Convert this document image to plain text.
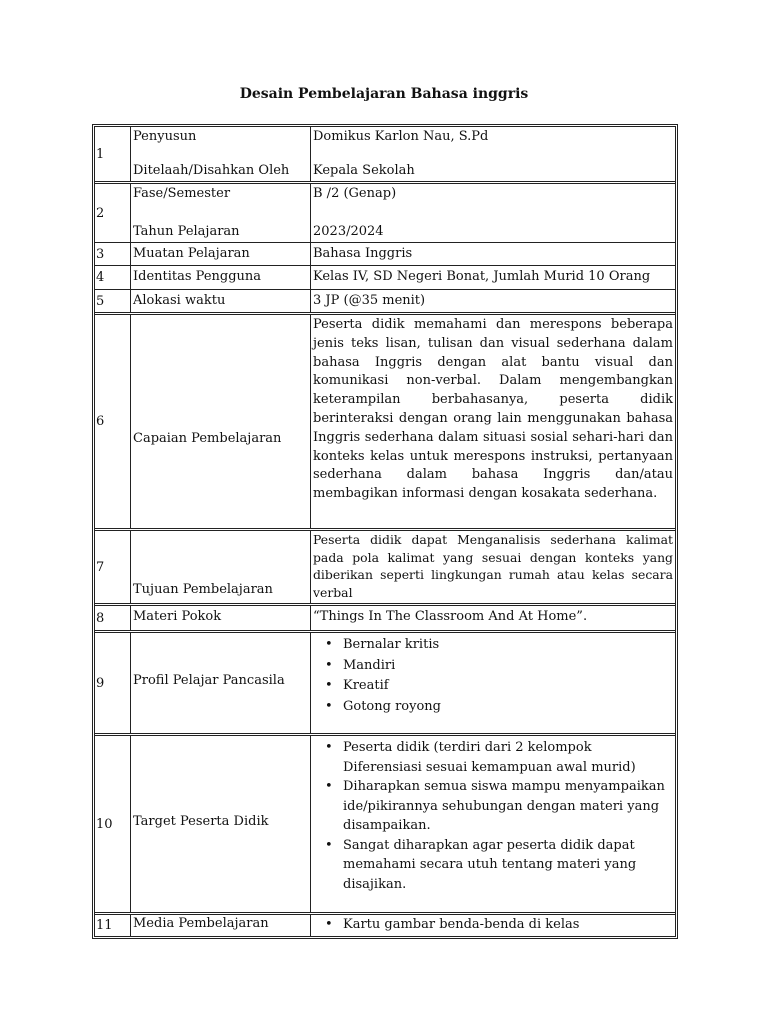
Desain Pembelajaran Bahasa inggris
1
Penyusun
Ditelaah/Disahkan Oleh
Domikus Karlon Nau, S.Pd
Kepala Sekolah
2
Fase/Semester
Tahun Pelajaran
B /2 (Genap)
2023/2024
3	Muatan Pelajaran	Bahasa Inggris
4	Identitas Pengguna	Kelas IV, SD Negeri Bonat, Jumlah Murid 10 Orang
5	Alokasi waktu	3 JP (@35 menit)
6
Capaian Pembelajaran
Peserta didik memahami dan merespons beberapa jenis teks lisan, tulisan dan visual sederhana dalam bahasa Inggris dengan alat bantu visual dan komunikasi non-verbal. Dalam mengembangkan keterampilan berbahasanya, peserta didik berinteraksi dengan orang lain menggunakan bahasa Inggris sederhana dalam situasi sosial sehari-hari dan konteks kelas untuk merespons instruksi, pertanyaan sederhana dalam bahasa Inggris dan/atau membagikan informasi dengan kosakata sederhana.
7
Tujuan Pembelajaran
Peserta didik dapat Menganalisis sederhana kalimat pada pola kalimat yang sesuai dengan konteks yang diberikan seperti lingkungan rumah atau kelas secara verbal
8	Materi Pokok	“Things In The Classroom And At Home”.
9	Profil Pelajar Pancasila
• Bernalar kritis
• Mandiri
• Kreatif
• Gotong royong
10	Target Peserta Didik
• Peserta didik (terdiri dari 2 kelompok Diferensiasi sesuai kemampuan awal murid)
• Diharapkan semua siswa mampu menyampaikan ide/pikirannya sehubungan dengan materi yang disampaikan.
• Sangat diharapkan agar peserta didik dapat memahami secara utuh tentang materi yang disajikan.
11	Media Pembelajaran
•	Kartu gambar benda-benda di kelas
